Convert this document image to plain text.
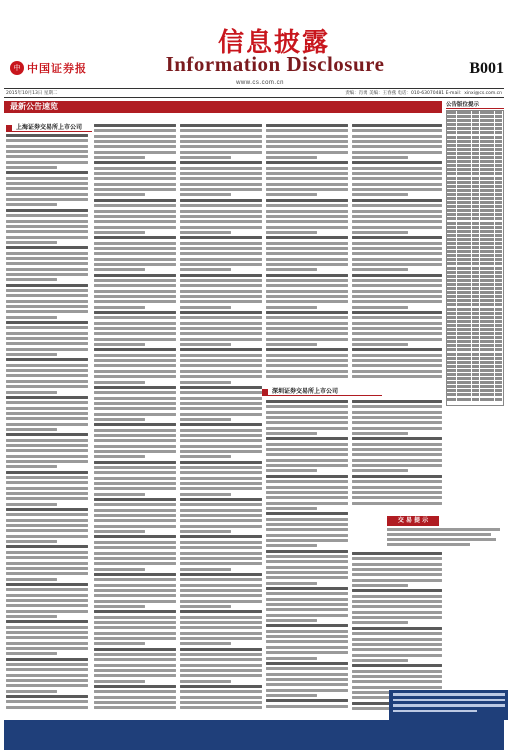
中 中国证券报
信息披露
Information Disclosure
www.cs.com.cn
B001
2015年10月13日 星期二	责编：肖勇 美编：王春燕 电话：010-63070481 E-mail：xinxi@cs.com.cn
最新公告速览
上海证券交易所上市公司
深圳证券交易所上市公司
公告版位提示
交 易 提 示
